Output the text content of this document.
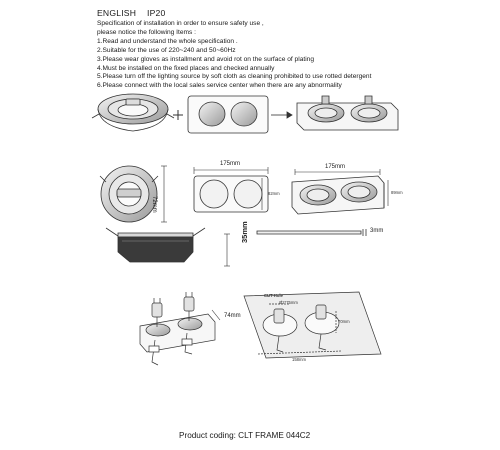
ENGLISH IP20
Specification of installation in order to ensure safety use ,
please notice the following Items :
1.Read and understand the whole specification .
2.Suitable for the use of 220~240 and 50~60Hz
3.Please wear gloves as installment and avoid rot on the surface of plating
4.Must be installed on the fixed places and checked annually
5.Please turn off the lighting source by soft cloth as cleaning prohibited to use rotted detergent
6.Please connect with the local sales service center when there are any abnormality
175mm
72mm
82mm
175mm
89mm
3mm
35mm
74mm
CUT-Hole
Ø2*75mm
70mm
158mm
Product coding: CLT FRAME 044C2
